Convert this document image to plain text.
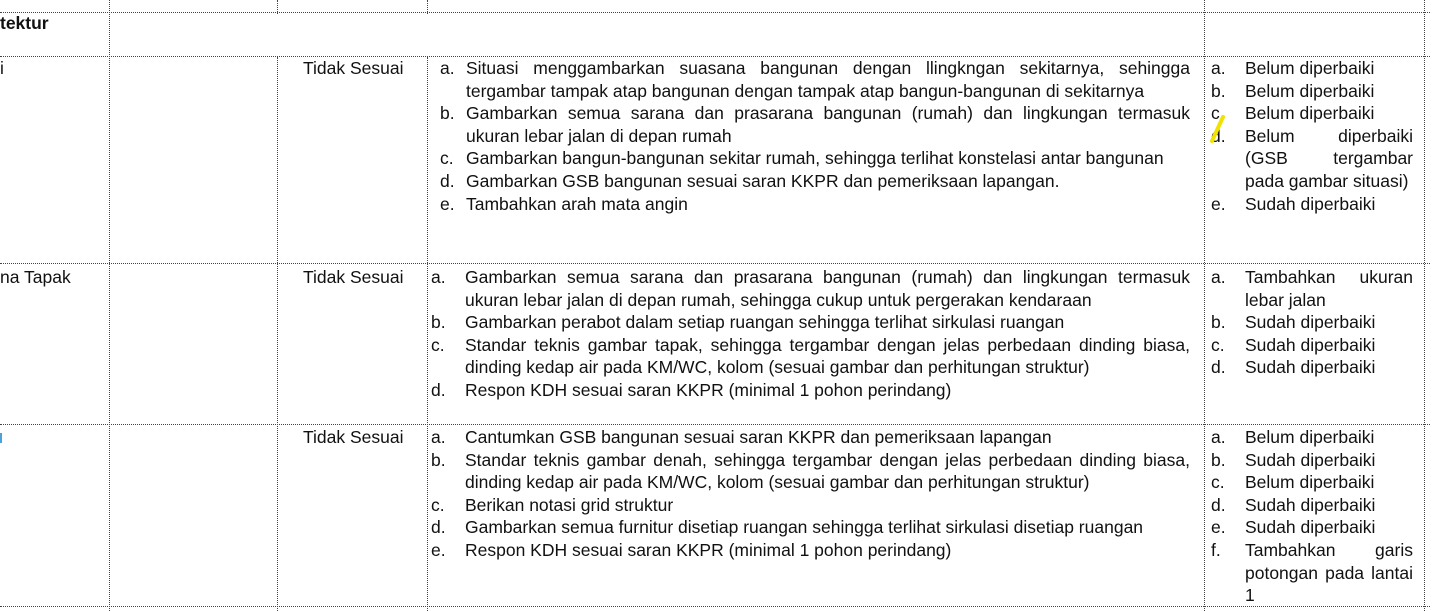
tektur
i	Tidak Sesuai a. Situasi menggambarkan suasana bangunan dengan llingkngan sekitarnya, sehingga tergambar tampak atap bangunan dengan tampak atap bangun-bangunan di sekitarnya
b. Gambarkan semua sarana dan prasarana bangunan (rumah) dan lingkungan termasuk ukuran lebar jalan di depan rumah
c. Gambarkan bangun-bangunan sekitar rumah, sehingga terlihat konstelasi antar bangunan
d. Gambarkan GSB bangunan sesuai saran KKPR dan pemeriksaan lapangan.
e. Tambahkan arah mata angin
a. Belum diperbaiki
b. Belum diperbaiki
c. Belum diperbaiki
d. Belum diperbaiki (GSB tergambar pada gambar situasi)
e. Sudah diperbaiki
na Tapak	Tidak Sesuai a. Gambarkan semua sarana dan prasarana bangunan (rumah) dan lingkungan termasuk ukuran lebar jalan di depan rumah, sehingga cukup untuk pergerakan kendaraan
b. Gambarkan perabot dalam setiap ruangan sehingga terlihat sirkulasi ruangan
c. Standar teknis gambar tapak, sehingga tergambar dengan jelas perbedaan dinding biasa, dinding kedap air pada KM/WC, kolom (sesuai gambar dan perhitungan struktur)
d. Respon KDH sesuai saran KKPR (minimal 1 pohon perindang)
a. Tambahkan ukuran lebar jalan
b. Sudah diperbaiki
c. Sudah diperbaiki
d. Sudah diperbaiki
Tidak Sesuai a. Cantumkan GSB bangunan sesuai saran KKPR dan pemeriksaan lapangan
b. Standar teknis gambar denah, sehingga tergambar dengan jelas perbedaan dinding biasa, dinding kedap air pada KM/WC, kolom (sesuai gambar dan perhitungan struktur)
c. Berikan notasi grid struktur
d. Gambarkan semua furnitur disetiap ruangan sehingga terlihat sirkulasi disetiap ruangan
e. Respon KDH sesuai saran KKPR (minimal 1 pohon perindang)
a. Belum diperbaiki
b. Sudah diperbaiki
c. Belum diperbaiki
d. Sudah diperbaiki
e. Sudah diperbaiki
f. Tambahkan garis potongan pada lantai 1
